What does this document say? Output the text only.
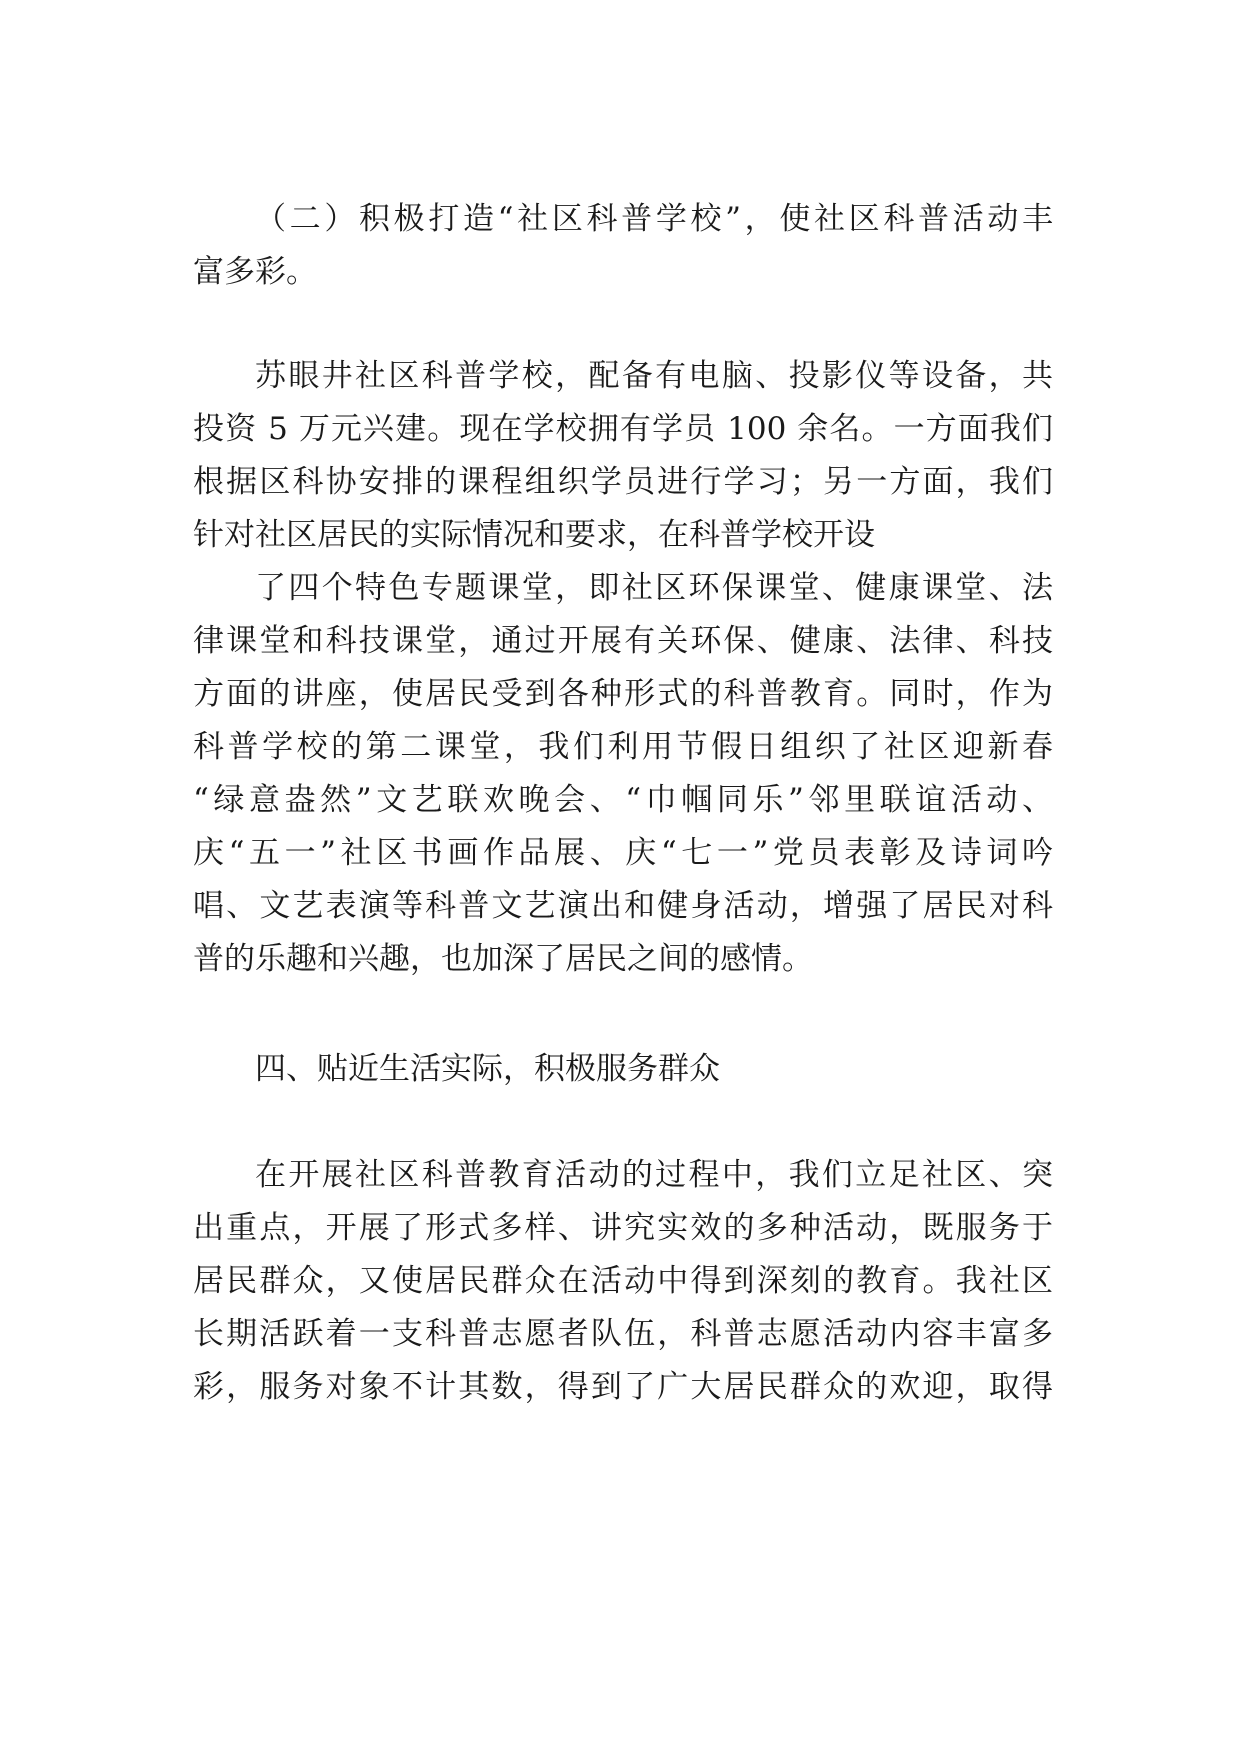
（二）积极打造“社区科普学校”，使社区科普活动丰
富多彩。
苏眼井社区科普学校，配备有电脑、投影仪等设备，共
投资 5 万元兴建。现在学校拥有学员 100 余名。一方面我们
根据区科协安排的课程组织学员进行学习；另一方面，我们
针对社区居民的实际情况和要求，在科普学校开设
了四个特色专题课堂，即社区环保课堂、健康课堂、法
律课堂和科技课堂，通过开展有关环保、健康、法律、科技
方面的讲座，使居民受到各种形式的科普教育。同时，作为
科普学校的第二课堂，我们利用节假日组织了社区迎新春
“绿意盎然”文艺联欢晚会、“巾帼同乐”邻里联谊活动、
庆“五一”社区书画作品展、庆“七一”党员表彰及诗词吟
唱、文艺表演等科普文艺演出和健身活动，增强了居民对科
普的乐趣和兴趣，也加深了居民之间的感情。
四、贴近生活实际，积极服务群众
在开展社区科普教育活动的过程中，我们立足社区、突
出重点，开展了形式多样、讲究实效的多种活动，既服务于
居民群众，又使居民群众在活动中得到深刻的教育。我社区
长期活跃着一支科普志愿者队伍，科普志愿活动内容丰富多
彩，服务对象不计其数，得到了广大居民群众的欢迎，取得
